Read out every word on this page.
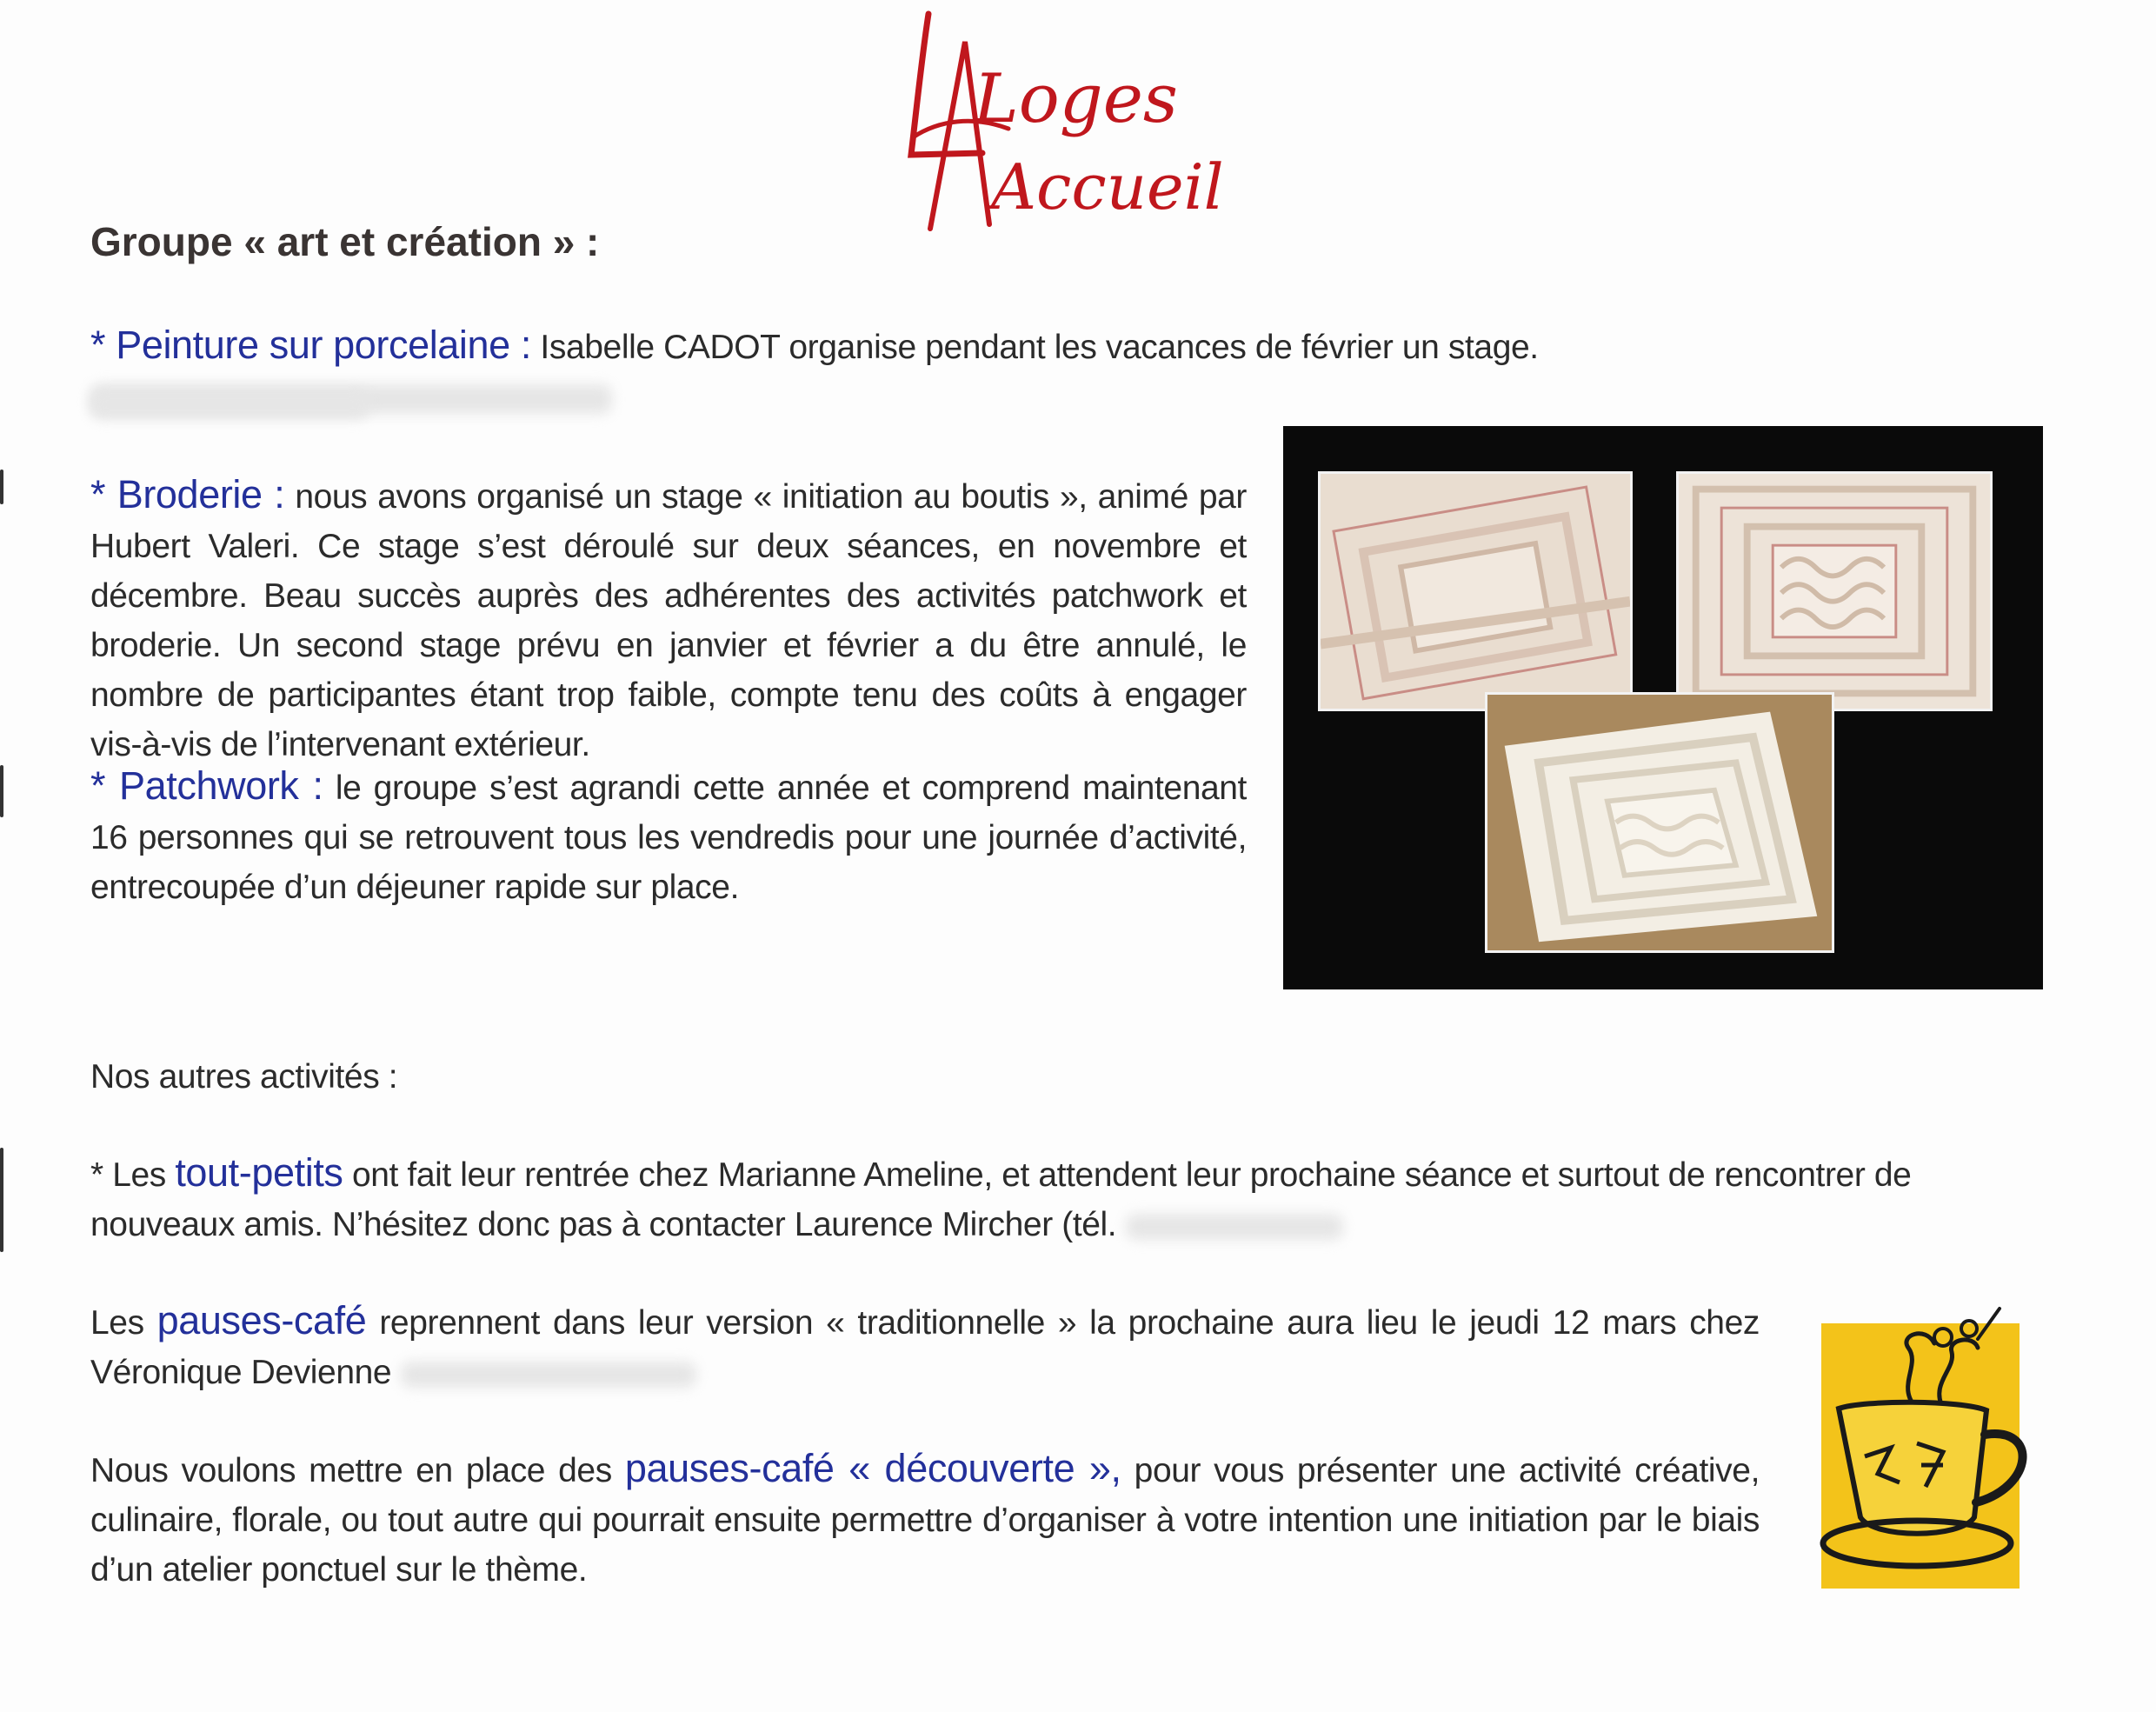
Loges
Accueil
Groupe « art et création » :
* Peinture sur porcelaine : Isabelle CADOT organise pendant les vacances de février un stage.
* Broderie : nous avons organisé un stage « initiation au boutis », animé par Hubert Valeri. Ce stage s’est déroulé sur deux séances, en novembre et décembre. Beau succès auprès des adhérentes des activités patchwork et broderie. Un second stage prévu en janvier et février a du être annulé, le nombre de participantes étant trop faible, compte tenu des coûts à engager vis-à-vis de l’intervenant extérieur.
* Patchwork : le groupe s’est agrandi cette année et comprend maintenant 16 personnes qui se retrouvent tous les vendredis pour une journée d’activité, entrecoupée d’un déjeuner rapide sur place.
Nos autres activités :
* Les tout-petits ont fait leur rentrée chez Marianne Ameline, et attendent leur prochaine séance et surtout de rencontrer de nouveaux amis. N’hésitez donc pas à contacter Laurence Mircher (tél.
Les pauses-café reprennent dans leur version « traditionnelle » la prochaine aura lieu le jeudi 12 mars chez Véronique Devienne
Nous voulons mettre en place des pauses-café « découverte », pour vous présenter une activité créative, culinaire, florale, ou tout autre qui pourrait ensuite permettre d’organiser à votre intention une initiation par le biais d’un atelier ponctuel sur le thème.
